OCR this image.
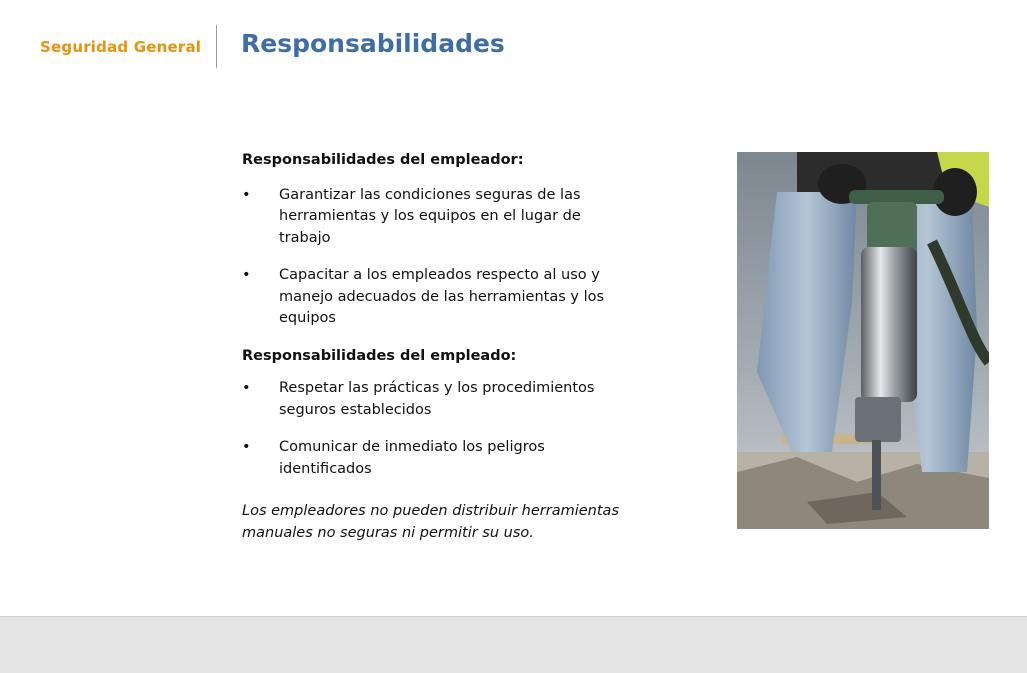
Seguridad General Responsabilidades

Responsabilidades del empleador:

• Garantizar las condiciones seguras de las herramientas y los equipos en el lugar de trabajo
• Capacitar a los empleados respecto al uso y manejo adecuados de las herramientas y los equipos

Responsabilidades del empleado:

• Respetar las prácticas y los procedimientos seguros establecidos
• Comunicar de inmediato los peligros identificados

Los empleadores no pueden distribuir herramientas manuales no seguras ni permitir su uso.
